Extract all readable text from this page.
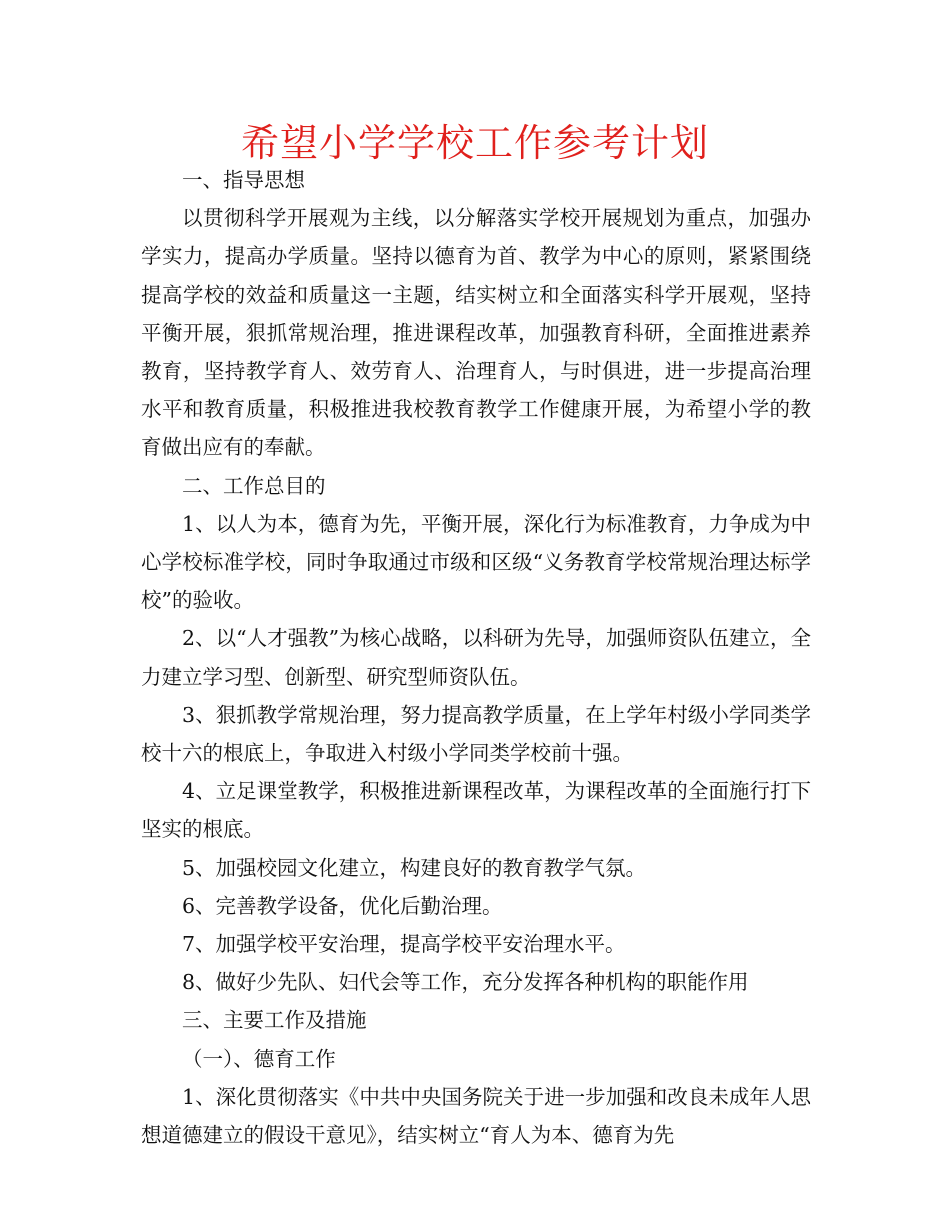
希望小学学校工作参考计划

一、指导思想

以贯彻科学开展观为主线，以分解落实学校开展规划为重点，加强办学实力，提高办学质量。坚持以德育为首、教学为中心的原则，紧紧围绕提高学校的效益和质量这一主题，结实树立和全面落实科学开展观，坚持平衡开展，狠抓常规治理，推进课程改革，加强教育科研，全面推进素养教育，坚持教学育人、效劳育人、治理育人，与时俱进，进一步提高治理水平和教育质量，积极推进我校教育教学工作健康开展，为希望小学的教育做出应有的奉献。

二、工作总目的

1、以人为本，德育为先，平衡开展，深化行为标准教育，力争成为中心学校标准学校，同时争取通过市级和区级“义务教育学校常规治理达标学校”的验收。

2、以“人才强教”为核心战略，以科研为先导，加强师资队伍建立，全力建立学习型、创新型、研究型师资队伍。

3、狠抓教学常规治理，努力提高教学质量，在上学年村级小学同类学校十六的根底上，争取进入村级小学同类学校前十强。

4、立足课堂教学，积极推进新课程改革，为课程改革的全面施行打下坚实的根底。

5、加强校园文化建立，构建良好的教育教学气氛。

6、完善教学设备，优化后勤治理。

7、加强学校平安治理，提高学校平安治理水平。

8、做好少先队、妇代会等工作，充分发挥各种机构的职能作用

三、主要工作及措施

（一）、德育工作

1、深化贯彻落实《中共中央国务院关于进一步加强和改良未成年人思想道德建立的假设干意见》，结实树立“育人为本、德育为先
